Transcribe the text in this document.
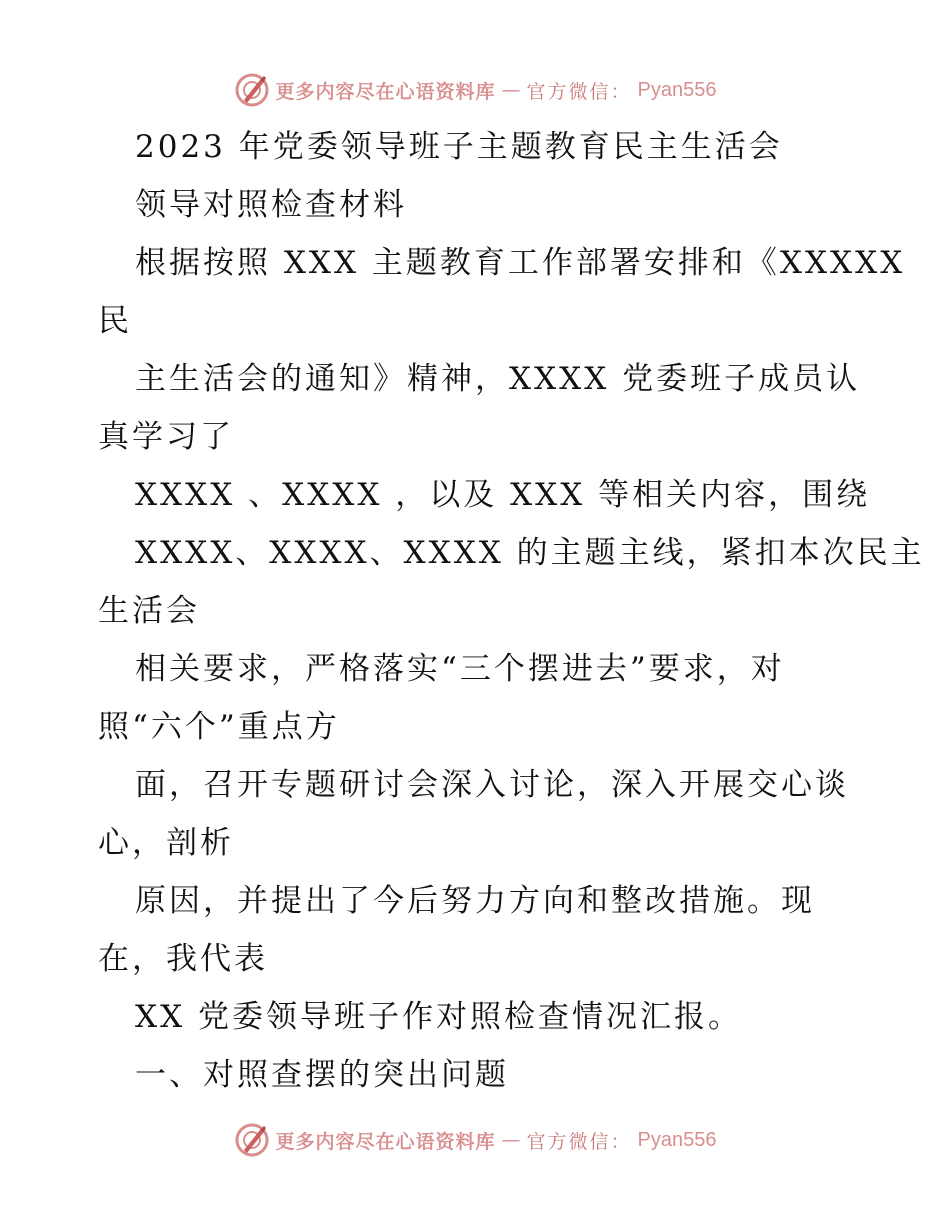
更多内容尽在心语资料库 — 官方微信： Pyan556
2023 年党委领导班子主题教育民主生活会
领导对照检查材料
根据按照 XXX 主题教育工作部署安排和《XXXXX
民
主生活会的通知》精神，XXXX 党委班子成员认
真学习了
XXXX 、XXXX ，以及 XXX 等相关内容，围绕
XXXX、XXXX、XXXX 的主题主线，紧扣本次民主
生活会
相关要求，严格落实“三个摆进去”要求，对
照“六个”重点方
面，召开专题研讨会深入讨论，深入开展交心谈
心，剖析
原因，并提出了今后努力方向和整改措施。现
在，我代表
XX 党委领导班子作对照检查情况汇报。
一、对照查摆的突出问题
更多内容尽在心语资料库 — 官方微信： Pyan556
